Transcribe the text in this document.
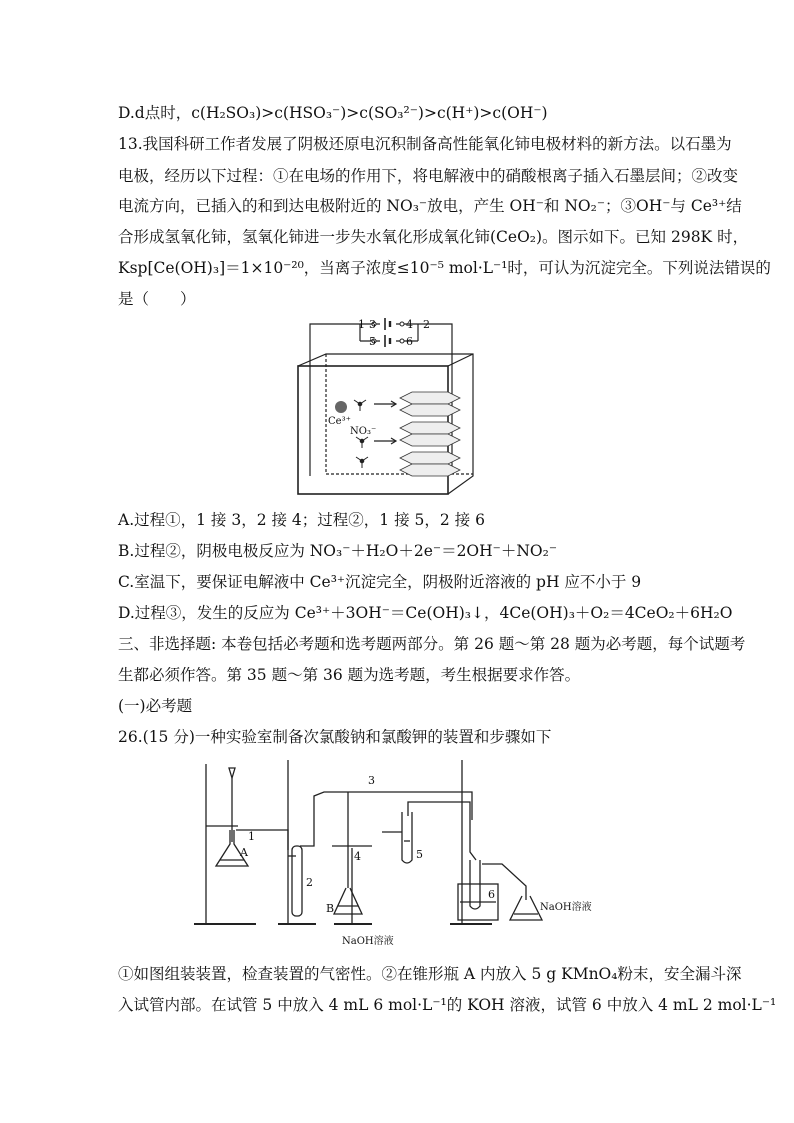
D.d点时，c(H₂SO₃)>c(HSO₃⁻)>c(SO₃²⁻)>c(H⁺)>c(OH⁻)
13.我国科研工作者发展了阴极还原电沉积制备高性能氧化铈电极材料的新方法。以石墨为
电极，经历以下过程：①在电场的作用下，将电解液中的硝酸根离子插入石墨层间；②改变
电流方向，已插入的和到达电极附近的 NO₃⁻放电，产生 OH⁻和 NO₂⁻；③OH⁻与 Ce³⁺结
合形成氢氧化铈，氢氧化铈进一步失水氧化形成氧化铈(CeO₂)。图示如下。已知 298K 时，
Ksp[Ce(OH)₃]＝1×10⁻²⁰，当离子浓度≤10⁻⁵ mol·L⁻¹时，可认为沉淀完全。下列说法错误的
是（　　）
1 3	4 2
5	6
Ce³⁺
NO₃⁻
A.过程①，1 接 3，2 接 4；过程②，1 接 5，2 接 6
B.过程②，阴极电极反应为 NO₃⁻＋H₂O＋2e⁻＝2OH⁻＋NO₂⁻
C.室温下，要保证电解液中 Ce³⁺沉淀完全，阴极附近溶液的 pH 应不小于 9
D.过程③，发生的反应为 Ce³⁺＋3OH⁻＝Ce(OH)₃↓，4Ce(OH)₃＋O₂＝4CeO₂＋6H₂O
三、非选择题: 本卷包括必考题和选考题两部分。第 26 题～第 28 题为必考题，每个试题考
生都必须作答。第 35 题～第 36 题为选考题，考生根据要求作答。
(一)必考题
26.(15 分)一种实验室制备次氯酸钠和氯酸钾的装置和步骤如下
1
A
2
3
4
B
5
6
NaOH溶液
NaOH溶液
①如图组装装置，检查装置的气密性。②在锥形瓶 A 内放入 5 g KMnO₄粉末，安全漏斗深
入试管内部。在试管 5 中放入 4 mL 6 mol·L⁻¹的 KOH 溶液，试管 6 中放入 4 mL 2 mol·L⁻¹
